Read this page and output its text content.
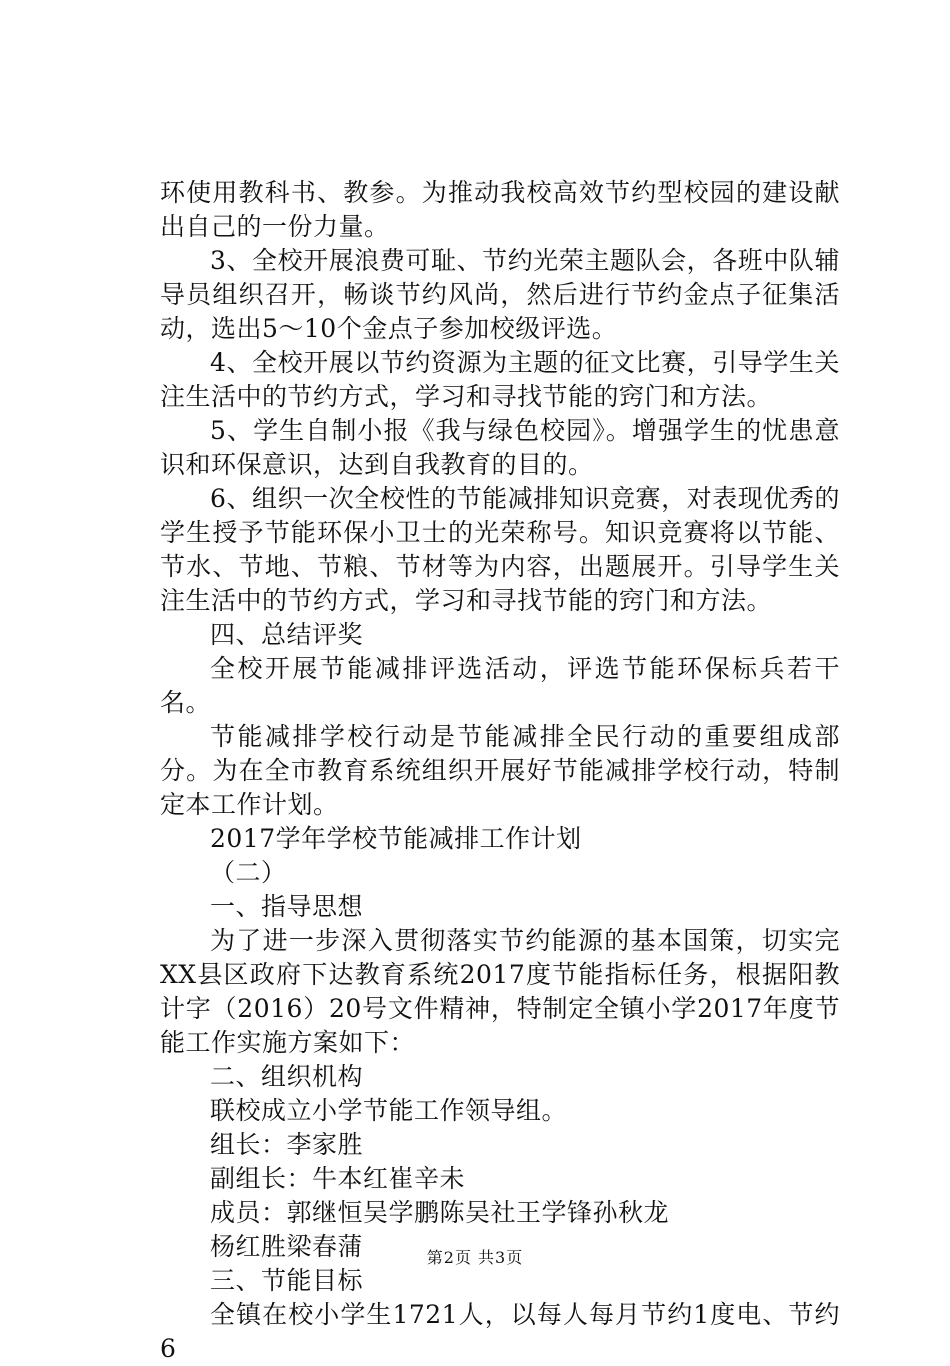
环使用教科书、教参。为推动我校高效节约型校园的建设献出自己的一份力量。

3、全校开展浪费可耻、节约光荣主题队会，各班中队辅导员组织召开，畅谈节约风尚，然后进行节约金点子征集活动，选出5～10个金点子参加校级评选。

4、全校开展以节约资源为主题的征文比赛，引导学生关注生活中的节约方式，学习和寻找节能的窍门和方法。

5、学生自制小报《我与绿色校园》。增强学生的忧患意识和环保意识，达到自我教育的目的。

6、组织一次全校性的节能减排知识竞赛，对表现优秀的学生授予节能环保小卫士的光荣称号。知识竞赛将以节能、节水、节地、节粮、节材等为内容，出题展开。引导学生关注生活中的节约方式，学习和寻找节能的窍门和方法。

四、总结评奖

全校开展节能减排评选活动，评选节能环保标兵若干名。

节能减排学校行动是节能减排全民行动的重要组成部分。为在全市教育系统组织开展好节能减排学校行动，特制定本工作计划。

2017学年学校节能减排工作计划

（二）

一、指导思想

为了进一步深入贯彻落实节约能源的基本国策，切实完XX县区政府下达教育系统2017度节能指标任务，根据阳教计字（2016）20号文件精神，特制定全镇小学2017年度节能工作实施方案如下：

二、组织机构

联校成立小学节能工作领导组。

组长：李家胜

副组长：牛本红崔辛未

成员：郭继恒吴学鹏陈吴社王学锋孙秋龙

杨红胜梁春蒲

三、节能目标

全镇在校小学生1721人，以每人每月节约1度电、节约6

第2页 共3页
